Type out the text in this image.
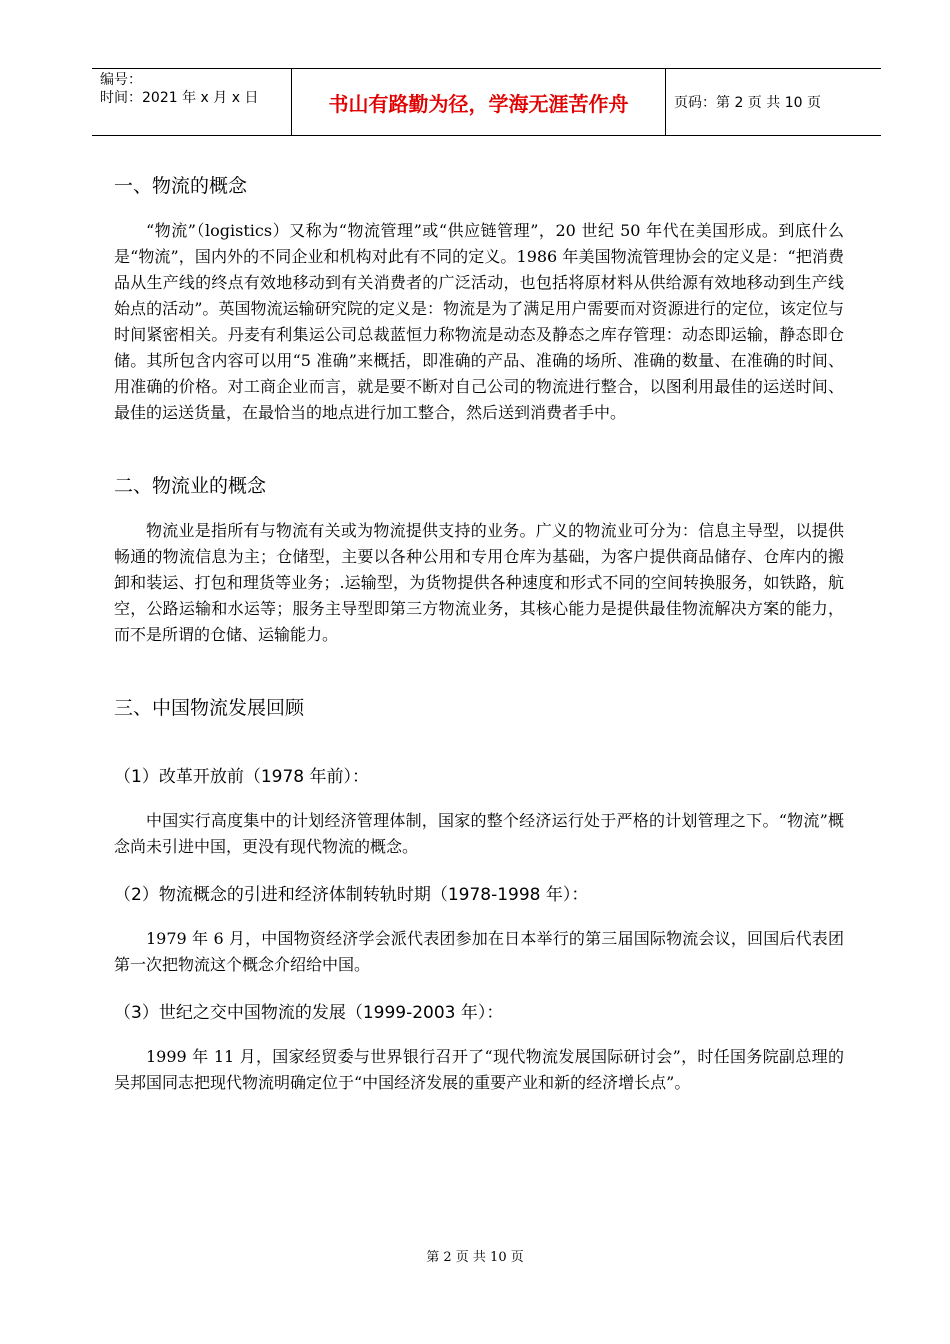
编号：
时间：2021 年 x 月 x 日	书山有路勤为径，学海无涯苦作舟	页码：第 2 页 共 10 页
一、物流的概念

“物流”（logistics）又称为“物流管理”或“供应链管理”，20 世纪 50 年代在美国形成。到底什么是“物流”，国内外的不同企业和机构对此有不同的定义。1986 年美国物流管理协会的定义是：“把消费品从生产线的终点有效地移动到有关消费者的广泛活动，也包括将原材料从供给源有效地移动到生产线始点的活动”。英国物流运输研究院的定义是：物流是为了满足用户需要而对资源进行的定位，该定位与时间紧密相关。丹麦有利集运公司总裁蓝恒力称物流是动态及静态之库存管理：动态即运输，静态即仓储。其所包含内容可以用“5 准确”来概括，即准确的产品、准确的场所、准确的数量、在准确的时间、用准确的价格。对工商企业而言，就是要不断对自己公司的物流进行整合，以图利用最佳的运送时间、最佳的运送货量，在最恰当的地点进行加工整合，然后送到消费者手中。

二、物流业的概念

物流业是指所有与物流有关或为物流提供支持的业务。广义的物流业可分为：信息主导型，以提供畅通的物流信息为主；仓储型，主要以各种公用和专用仓库为基础，为客户提供商品储存、仓库内的搬卸和装运、打包和理货等业务；.运输型，为货物提供各种速度和形式不同的空间转换服务，如铁路，航空，公路运输和水运等；服务主导型即第三方物流业务，其核心能力是提供最佳物流解决方案的能力，而不是所谓的仓储、运输能力。

三、中国物流发展回顾
（1）改革开放前（1978 年前）：

中国实行高度集中的计划经济管理体制，国家的整个经济运行处于严格的计划管理之下。“物流”概念尚未引进中国，更没有现代物流的概念。

（2）物流概念的引进和经济体制转轨时期（1978-1998 年）：

1979 年 6 月，中国物资经济学会派代表团参加在日本举行的第三届国际物流会议，回国后代表团第一次把物流这个概念介绍给中国。

（3）世纪之交中国物流的发展（1999-2003 年）：

1999 年 11 月，国家经贸委与世界银行召开了“现代物流发展国际研讨会”，时任国务院副总理的吴邦国同志把现代物流明确定位于“中国经济发展的重要产业和新的经济增长点”。

第 2 页 共 10 页
